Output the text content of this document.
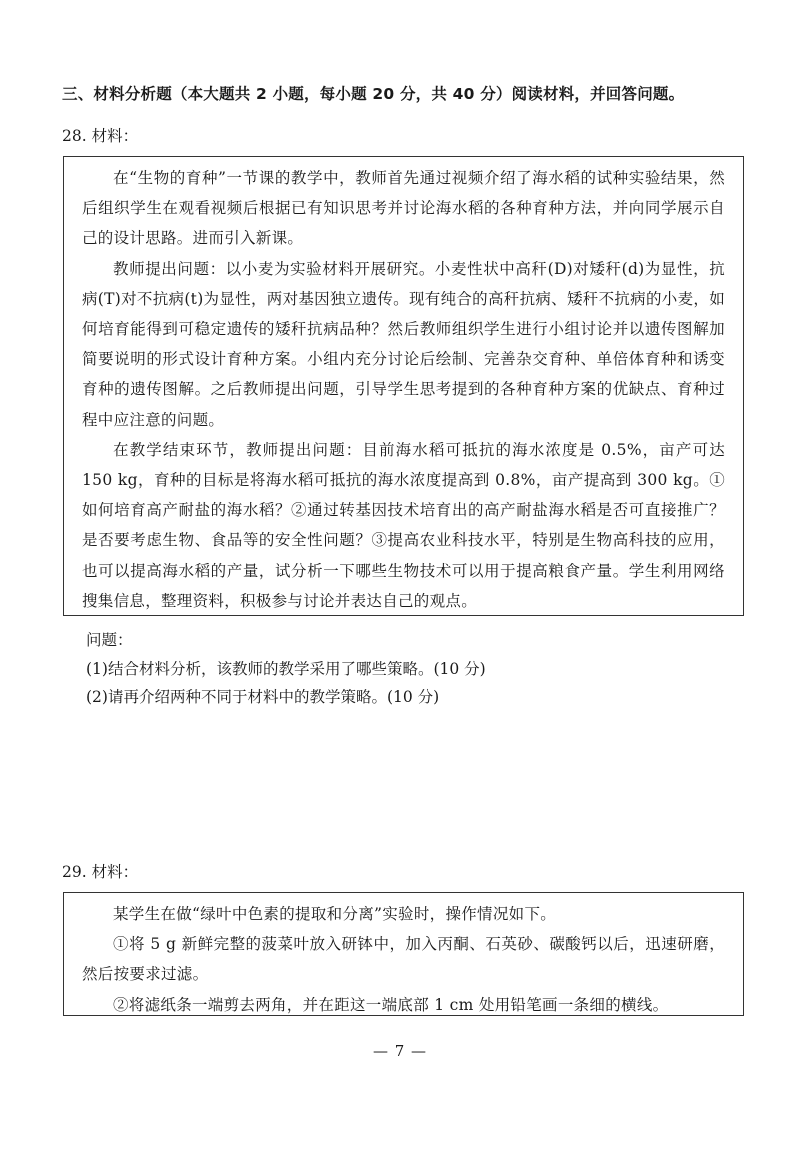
三、材料分析题（本大题共 2 小题，每小题 20 分，共 40 分）阅读材料，并回答问题。
28. 材料：

在“生物的育种”一节课的教学中，教师首先通过视频介绍了海水稻的试种实验结果，然后组织学生在观看视频后根据已有知识思考并讨论海水稻的各种育种方法，并向同学展示自己的设计思路。进而引入新课。

教师提出问题：以小麦为实验材料开展研究。小麦性状中高秆(D)对矮秆(d)为显性，抗病(T)对不抗病(t)为显性，两对基因独立遗传。现有纯合的高秆抗病、矮秆不抗病的小麦，如何培育能得到可稳定遗传的矮秆抗病品种？然后教师组织学生进行小组讨论并以遗传图解加简要说明的形式设计育种方案。小组内充分讨论后绘制、完善杂交育种、单倍体育种和诱变育种的遗传图解。之后教师提出问题，引导学生思考提到的各种育种方案的优缺点、育种过程中应注意的问题。

在教学结束环节，教师提出问题：目前海水稻可抵抗的海水浓度是 0.5%，亩产可达 150 kg，育种的目标是将海水稻可抵抗的海水浓度提高到 0.8%，亩产提高到 300 kg。①如何培育高产耐盐的海水稻？②通过转基因技术培育出的高产耐盐海水稻是否可直接推广？是否要考虑生物、食品等的安全性问题？③提高农业科技水平，特别是生物高科技的应用，也可以提高海水稻的产量，试分析一下哪些生物技术可以用于提高粮食产量。学生利用网络搜集信息，整理资料，积极参与讨论并表达自己的观点。

问题：
(1)结合材料分析，该教师的教学采用了哪些策略。(10 分)
(2)请再介绍两种不同于材料中的教学策略。(10 分)
29. 材料：

某学生在做“绿叶中色素的提取和分离”实验时，操作情况如下。

①将 5 g 新鲜完整的菠菜叶放入研钵中，加入丙酮、石英砂、碳酸钙以后，迅速研磨，然后按要求过滤。

②将滤纸条一端剪去两角，并在距这一端底部 1 cm 处用铅笔画一条细的横线。

— 7 —
